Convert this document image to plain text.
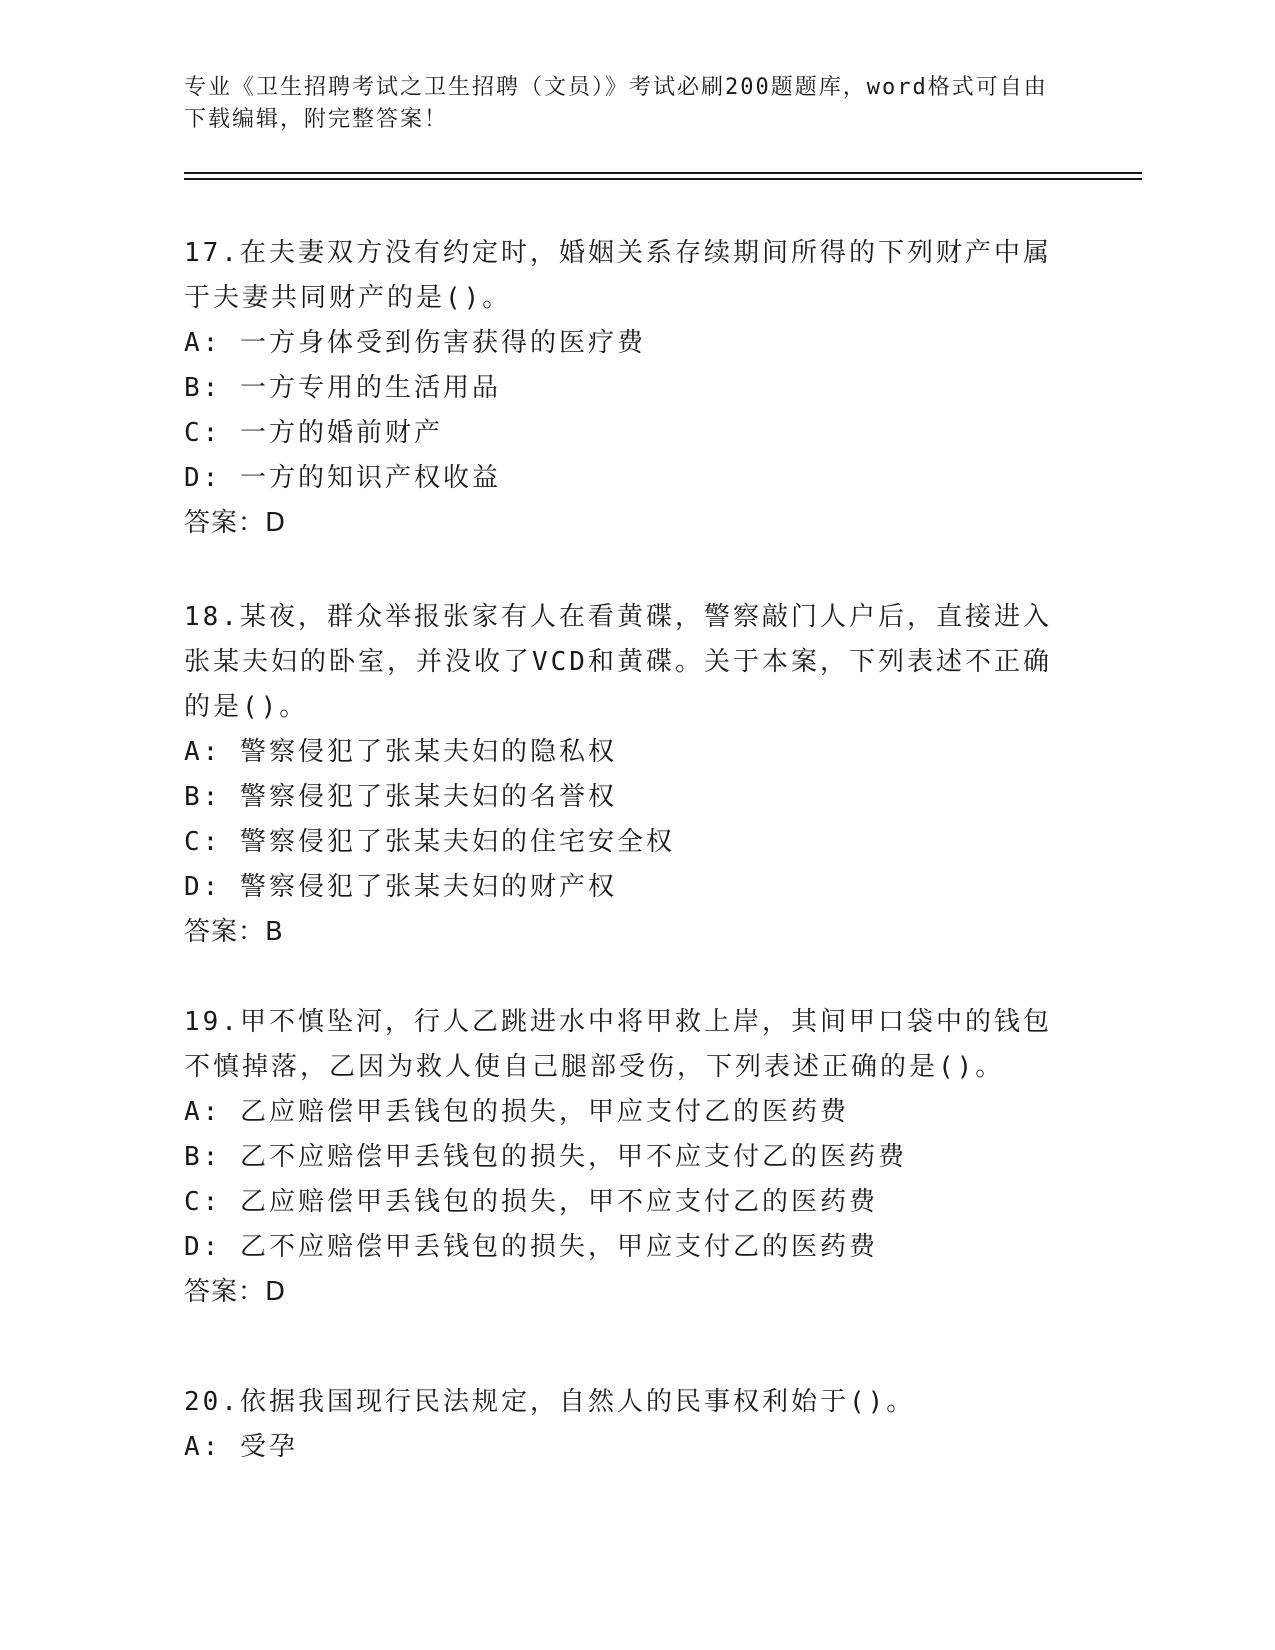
专业《卫生招聘考试之卫生招聘（文员）》考试必刷200题题库，word格式可自由下载编辑，附完整答案！
17.在夫妻双方没有约定时，婚姻关系存续期间所得的下列财产中属于夫妻共同财产的是()。
A: 一方身体受到伤害获得的医疗费
B: 一方专用的生活用品
C: 一方的婚前财产
D: 一方的知识产权收益
答案：D
18.某夜，群众举报张家有人在看黄碟，警察敲门人户后，直接进入张某夫妇的卧室，并没收了VCD和黄碟。关于本案，下列表述不正确的是()。
A: 警察侵犯了张某夫妇的隐私权
B: 警察侵犯了张某夫妇的名誉权
C: 警察侵犯了张某夫妇的住宅安全权
D: 警察侵犯了张某夫妇的财产权
答案：B
19.甲不慎坠河，行人乙跳进水中将甲救上岸，其间甲口袋中的钱包不慎掉落，乙因为救人使自己腿部受伤，下列表述正确的是()。
A: 乙应赔偿甲丢钱包的损失，甲应支付乙的医药费
B: 乙不应赔偿甲丢钱包的损失，甲不应支付乙的医药费
C: 乙应赔偿甲丢钱包的损失，甲不应支付乙的医药费
D: 乙不应赔偿甲丢钱包的损失，甲应支付乙的医药费
答案：D
20.依据我国现行民法规定，自然人的民事权利始于()。
A: 受孕
